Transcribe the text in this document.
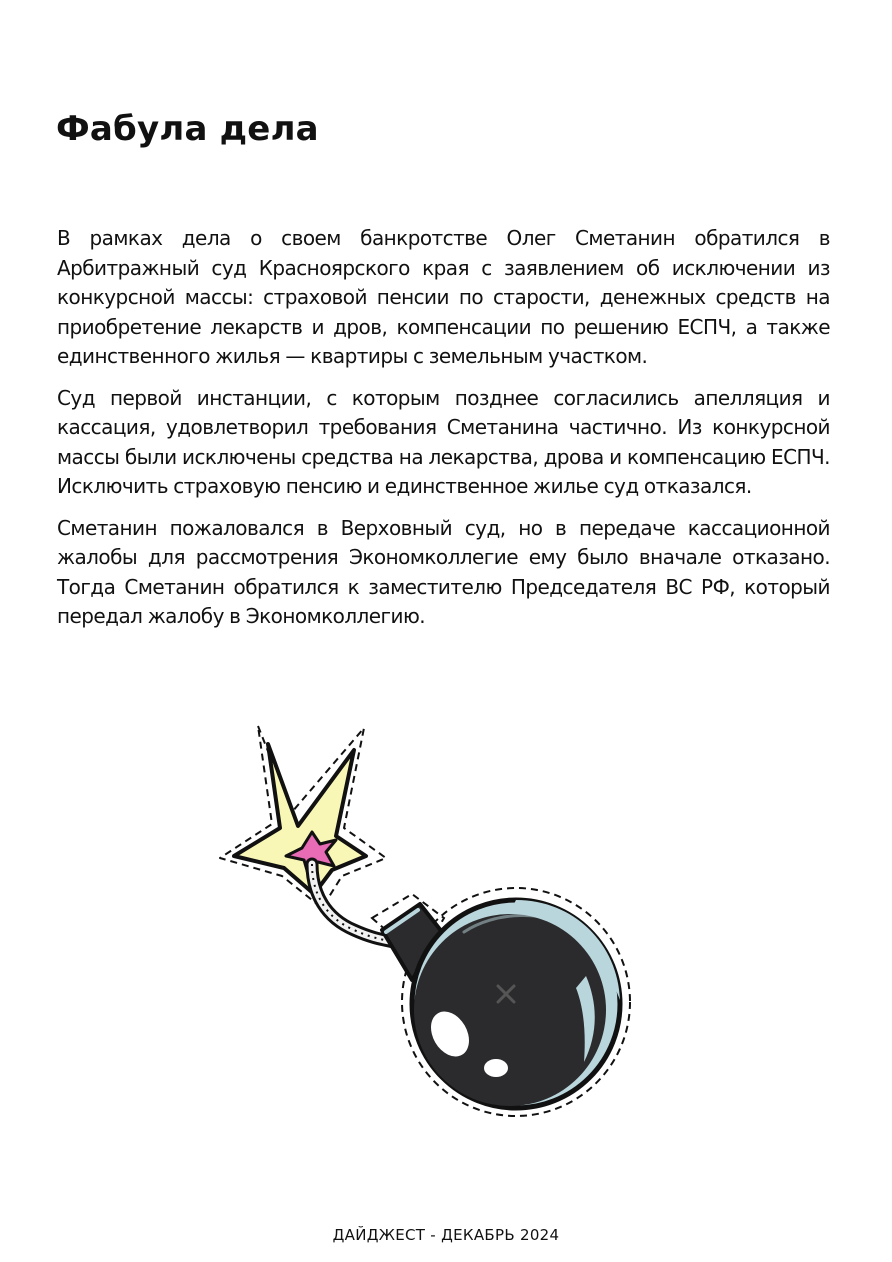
Фабула дела

В рамках дела о своем банкротстве Олег Сметанин обратился в Арбитражный суд Красноярского края с заявлением об исключении из конкурсной массы: страховой пенсии по старости, денежных средств на приобретение лекарств и дров, компенсации по решению ЕСПЧ, а также единственного жилья — квартиры с земельным участком.

Суд первой инстанции, с которым позднее согласились апелляция и кассация, удовлетворил требования Сметанина частично. Из конкурсной массы были исключены средства на лекарства, дрова и компенсацию ЕСПЧ. Исключить страховую пенсию и единственное жилье суд отказался.

Сметанин пожаловался в Верховный суд, но в передаче кассационной жалобы для рассмотрения Экономколлегие ему было вначале отказано. Тогда Сметанин обратился к заместителю Председателя ВС РФ, который передал жалобу в Экономколлегию.

ДАЙДЖЕСТ - ДЕКАБРЬ 2024
